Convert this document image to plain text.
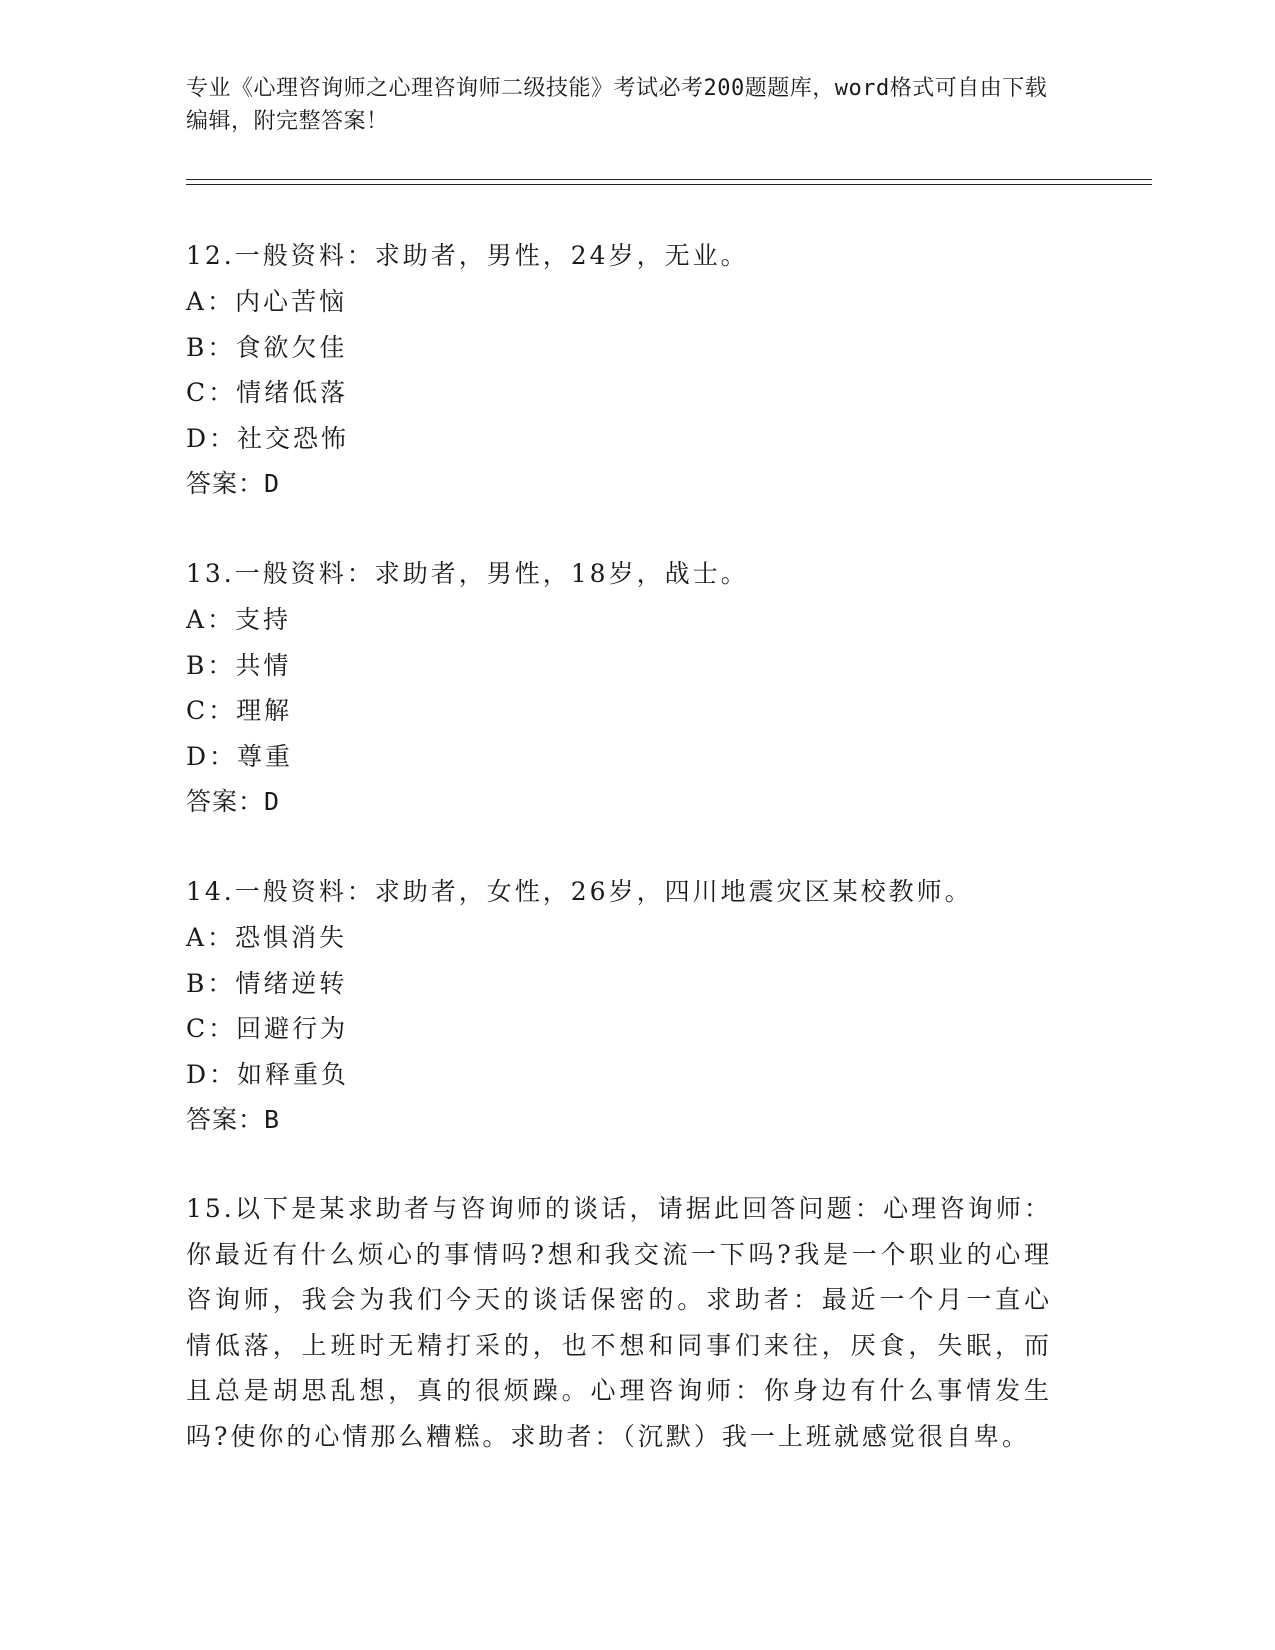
专业《心理咨询师之心理咨询师二级技能》考试必考200题题库，word格式可自由下载编辑，附完整答案！
12.一般资料：求助者，男性，24岁，无业。
A：内心苦恼
B：食欲欠佳
C：情绪低落
D：社交恐怖
答案：D
13.一般资料：求助者，男性，18岁，战士。
A：支持
B：共情
C：理解
D：尊重
答案：D
14.一般资料：求助者，女性，26岁，四川地震灾区某校教师。
A：恐惧消失
B：情绪逆转
C：回避行为
D：如释重负
答案：B
15.以下是某求助者与咨询师的谈话，请据此回答问题：心理咨询师：你最近有什么烦心的事情吗?想和我交流一下吗?我是一个职业的心理咨询师，我会为我们今天的谈话保密的。求助者：最近一个月一直心情低落，上班时无精打采的，也不想和同事们来往，厌食，失眠，而且总是胡思乱想，真的很烦躁。心理咨询师：你身边有什么事情发生吗?使你的心情那么糟糕。求助者：（沉默）我一上班就感觉很自卑。
